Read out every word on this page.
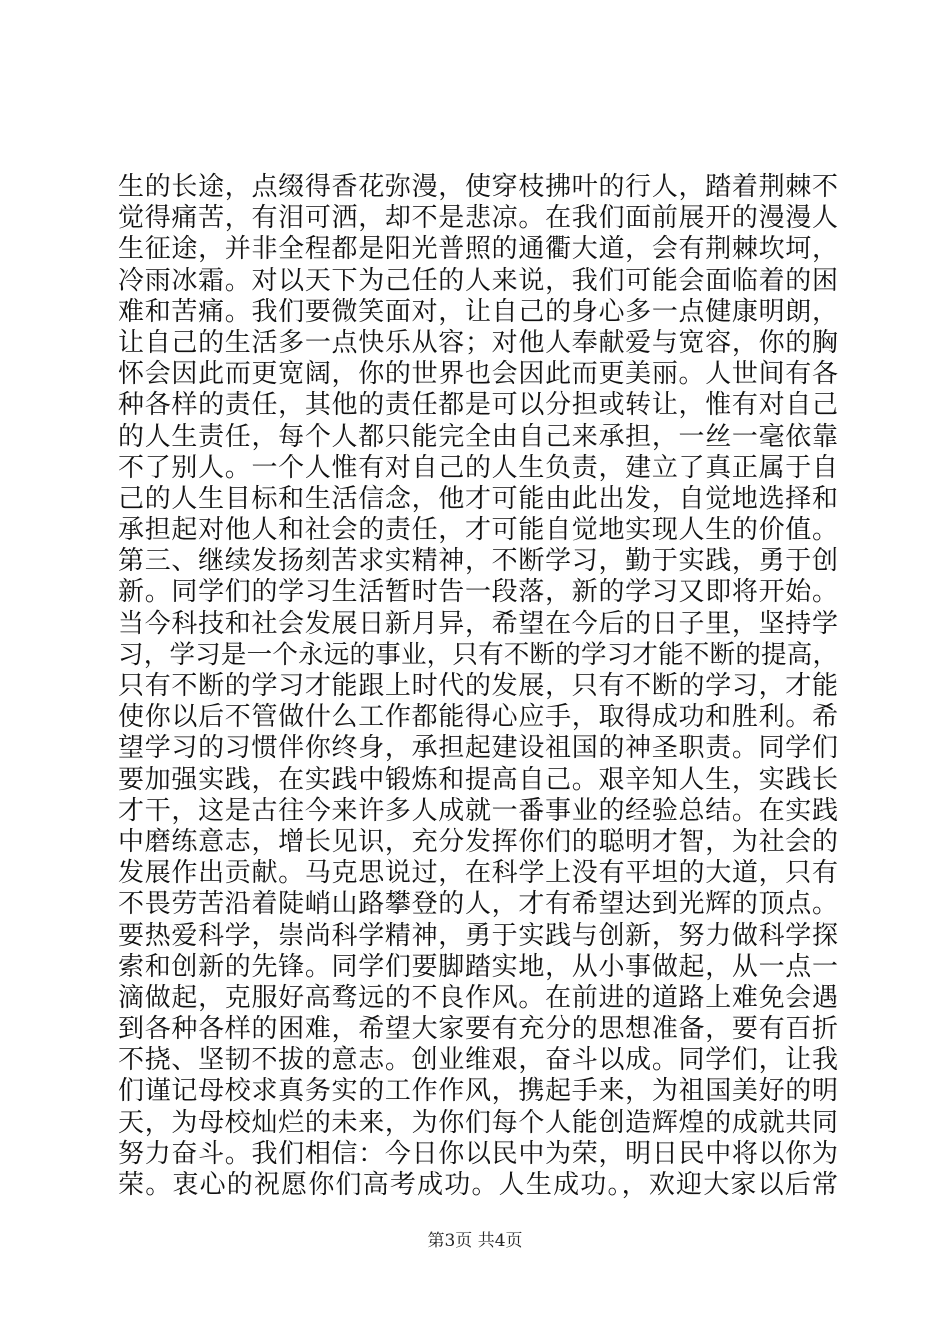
生的长途，点缀得香花弥漫，使穿枝拂叶的行人，踏着荆棘不
觉得痛苦，有泪可洒，却不是悲凉。在我们面前展开的漫漫人
生征途，并非全程都是阳光普照的通衢大道，会有荆棘坎坷，
冷雨冰霜。对以天下为己任的人来说，我们可能会面临着的困
难和苦痛。我们要微笑面对，让自己的身心多一点健康明朗，
让自己的生活多一点快乐从容；对他人奉献爱与宽容，你的胸
怀会因此而更宽阔，你的世界也会因此而更美丽。人世间有各
种各样的责任，其他的责任都是可以分担或转让，惟有对自己
的人生责任，每个人都只能完全由自己来承担，一丝一毫依靠
不了别人。一个人惟有对自己的人生负责，建立了真正属于自
己的人生目标和生活信念，他才可能由此出发，自觉地选择和
承担起对他人和社会的责任，才可能自觉地实现人生的价值。
第三、继续发扬刻苦求实精神，不断学习，勤于实践，勇于创
新。同学们的学习生活暂时告一段落，新的学习又即将开始。
当今科技和社会发展日新月异，希望在今后的日子里，坚持学
习，学习是一个永远的事业，只有不断的学习才能不断的提高，
只有不断的学习才能跟上时代的发展，只有不断的学习，才能
使你以后不管做什么工作都能得心应手，取得成功和胜利。希
望学习的习惯伴你终身，承担起建设祖国的神圣职责。同学们
要加强实践，在实践中锻炼和提高自己。艰辛知人生，实践长
才干，这是古往今来许多人成就一番事业的经验总结。在实践
中磨练意志，增长见识，充分发挥你们的聪明才智，为社会的
发展作出贡献。马克思说过，在科学上没有平坦的大道，只有
不畏劳苦沿着陡峭山路攀登的人，才有希望达到光辉的顶点。
要热爱科学，崇尚科学精神，勇于实践与创新，努力做科学探
索和创新的先锋。同学们要脚踏实地，从小事做起，从一点一
滴做起，克服好高骛远的不良作风。在前进的道路上难免会遇
到各种各样的困难，希望大家要有充分的思想准备，要有百折
不挠、坚韧不拔的意志。创业维艰，奋斗以成。同学们，让我
们谨记母校求真务实的工作作风，携起手来，为祖国美好的明
天，为母校灿烂的未来，为你们每个人能创造辉煌的成就共同
努力奋斗。我们相信：今日你以民中为荣，明日民中将以你为
荣。衷心的祝愿你们高考成功。人生成功。，欢迎大家以后常
第3页 共4页
